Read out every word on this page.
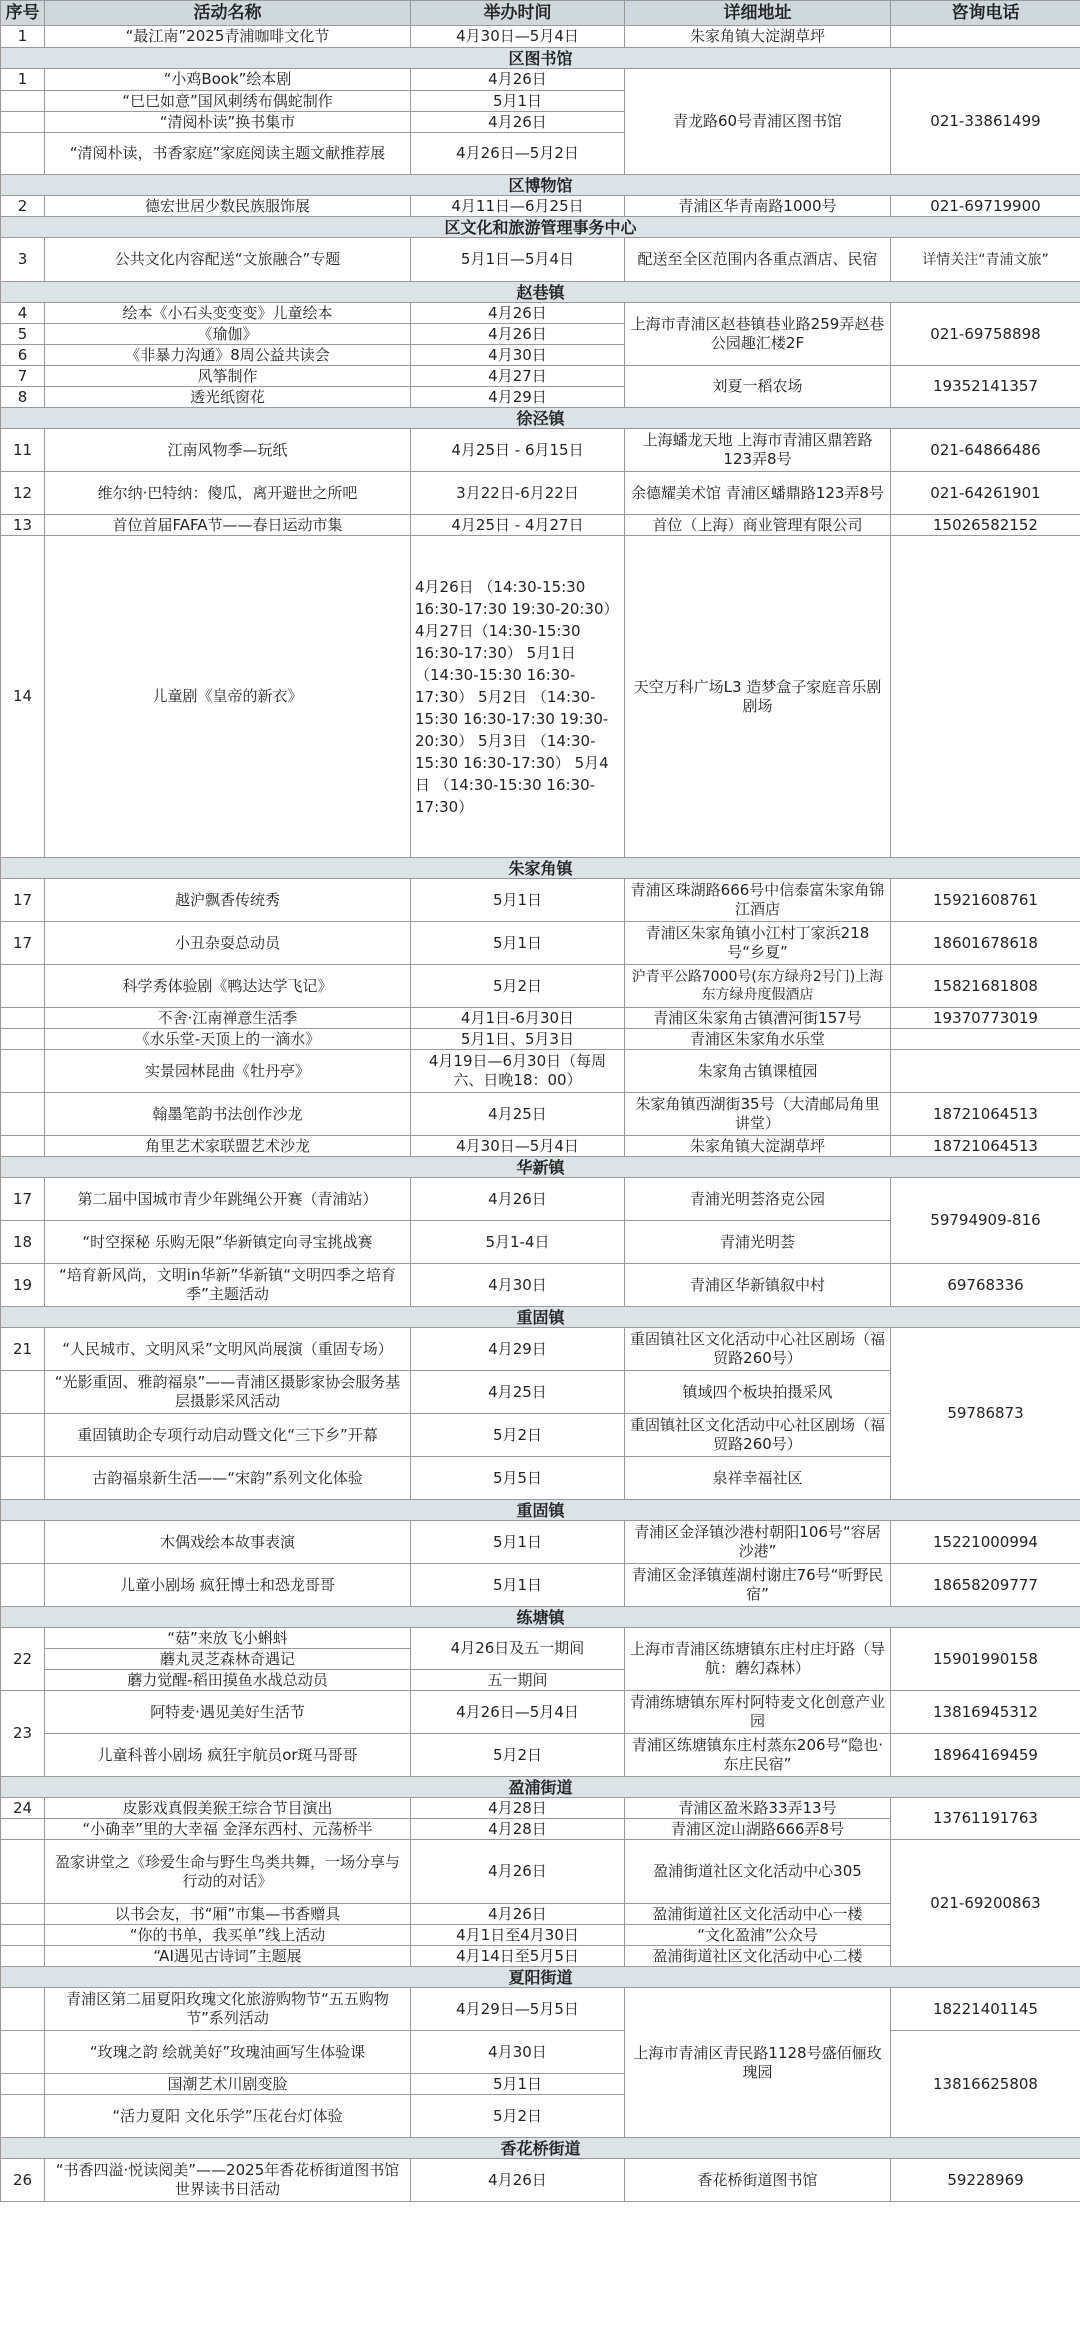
序号	活动名称	举办时间	详细地址	咨询电话
1	“最江南”2025青浦咖啡文化节	4月30日—5月4日	朱家角镇大淀湖草坪	
区图书馆				
1	“小鸡Book”绘本剧	4月26日	青龙路60号青浦区图书馆	021-33861499
	“巳巳如意”国风刺绣布偶蛇制作	5月1日		
	“清阅朴读”换书集市	4月26日		
	“清阅朴读，书香家庭”家庭阅读主题文献推荐展	4月26日—5月2日		
区博物馆				
2	德宏世居少数民族服饰展	4月11日—6月25日	青浦区华青南路1000号	021-69719900
区文化和旅游管理事务中心				
3	公共文化内容配送“文旅融合”专题	5月1日—5月4日	配送至全区范围内各重点酒店、民宿	详情关注“青浦文旅”
赵巷镇				
4	绘本《小石头变变变》儿童绘本	4月26日	上海市青浦区赵巷镇巷业路259弄赵巷公园趣汇楼2F	021-69758898
5	《瑜伽》	4月26日		
6	《非暴力沟通》8周公益共读会	4月30日		
7	风筝制作	4月27日	刘夏一稻农场	19352141357
8	透光纸窗花	4月29日		
徐泾镇				
11	江南风物季—玩纸	4月25日 - 6月15日	上海蟠龙天地 上海市青浦区鼎箬路123弄8号	021-64866486
12	维尔纳·巴特纳：傻瓜，离开避世之所吧	3月22日-6月22日	余德耀美术馆 青浦区蟠鼎路123弄8号	021-64261901
13	首位首届FAFA节——春日运动市集	4月25日 - 4月27日	首位（上海）商业管理有限公司	15026582152
14	儿童剧《皇帝的新衣》	4月26日 （14:30-15:30 16:30-17:30 19:30-20:30） 4月27日（14:30-15:30 16:30-17:30） 5月1日 （14:30-15:30 16:30-17:30） 5月2日 （14:30-15:30 16:30-17:30 19:30-20:30） 5月3日 （14:30-15:30 16:30-17:30） 5月4日 （14:30-15:30 16:30-17:30）	天空万科广场L3 造梦盒子家庭音乐剧剧场	
朱家角镇				
17	越沪飘香传统秀	5月1日	青浦区珠湖路666号中信泰富朱家角锦江酒店	15921608761
17	小丑杂耍总动员	5月1日	青浦区朱家角镇小江村丁家浜218号“乡夏”	18601678618
	科学秀体验剧《鸭达达学飞记》	5月2日	沪青平公路7000号(东方绿舟2号门)上海东方绿舟度假酒店	15821681808
	不舍·江南禅意生活季	4月1日-6月30日	青浦区朱家角古镇漕河街157号	19370773019
	《水乐堂-天顶上的一滴水》	5月1日、5月3日	青浦区朱家角水乐堂	
	实景园林昆曲《牡丹亭》	4月19日—6月30日（每周六、日晚18：00）	朱家角古镇课植园	
	翰墨笔韵书法创作沙龙	4月25日	朱家角镇西湖街35号（大清邮局角里讲堂）	18721064513
	角里艺术家联盟艺术沙龙	4月30日—5月4日	朱家角镇大淀湖草坪	18721064513
华新镇				
17	第二届中国城市青少年跳绳公开赛（青浦站）	4月26日	青浦光明荟洛克公园	59794909-816
18	“时空探秘 乐购无限”华新镇定向寻宝挑战赛	5月1-4日	青浦光明荟	
19	“培育新风尚，文明in华新”华新镇“文明四季之培育季”主题活动	4月30日	青浦区华新镇叙中村	69768336
重固镇				
21	“人民城市、文明风采”文明风尚展演（重固专场）	4月29日	重固镇社区文化活动中心社区剧场（福贸路260号）	59786873
	“光影重固、雅韵福泉”——青浦区摄影家协会服务基层摄影采风活动	4月25日	镇域四个板块拍摄采风	
	重固镇助企专项行动启动暨文化“三下乡”开幕	5月2日	重固镇社区文化活动中心社区剧场（福贸路260号）	
	古韵福泉新生活——“宋韵”系列文化体验	5月5日	泉祥幸福社区	
重固镇				
	木偶戏绘本故事表演	5月1日	青浦区金泽镇沙港村朝阳106号“容居沙港”	15221000994
	儿童小剧场 疯狂博士和恐龙哥哥	5月1日	青浦区金泽镇莲湖村谢庄76号“听野民宿”	18658209777
练塘镇				
22	“菇”来放飞小蝌蚪	4月26日及五一期间	上海市青浦区练塘镇东庄村庄圩路（导航：蘑幻森林）	15901990158
	蘑丸灵芝森林奇遇记			
	蘑力觉醒-稻田摸鱼水战总动员	五一期间		
23	阿特麦·遇见美好生活节	4月26日—5月4日	青浦练塘镇东厍村阿特麦文化创意产业园	13816945312
	儿童科普小剧场 疯狂宇航员or斑马哥哥	5月2日	青浦区练塘镇东庄村蒸东206号“隐也·东庄民宿”	18964169459
盈浦街道				
24	皮影戏真假美猴王综合节目演出	4月28日	青浦区盈米路33弄13号	13761191763
	“小确幸”里的大幸福 金泽东西村、元荡桥半	4月28日	青浦区淀山湖路666弄8号	
	盈家讲堂之《珍爱生命与野生鸟类共舞，一场分享与行动的对话》	4月26日	盈浦街道社区文化活动中心305	021-69200863
	以书会友，书“厢”市集—书香赠具	4月26日	盈浦街道社区文化活动中心一楼	
	“你的书单，我买单”线上活动	4月1日至4月30日	“文化盈浦”公众号	
	“AI遇见古诗词”主题展	4月14日至5月5日	盈浦街道社区文化活动中心二楼	
夏阳街道				
	青浦区第二届夏阳玫瑰文化旅游购物节“五五购物节”系列活动	4月29日—5月5日	上海市青浦区青民路1128号盛佰俪玫瑰园	18221401145
	“玫瑰之韵 绘就美好”玫瑰油画写生体验课	4月30日		13816625808
	国潮艺术川剧变脸	5月1日		
	“活力夏阳 文化乐学”压花台灯体验	5月2日		
香花桥街道				
26	“书香四溢·悦读阅美”——2025年香花桥街道图书馆世界读书日活动	4月26日	香花桥街道图书馆	59228969
